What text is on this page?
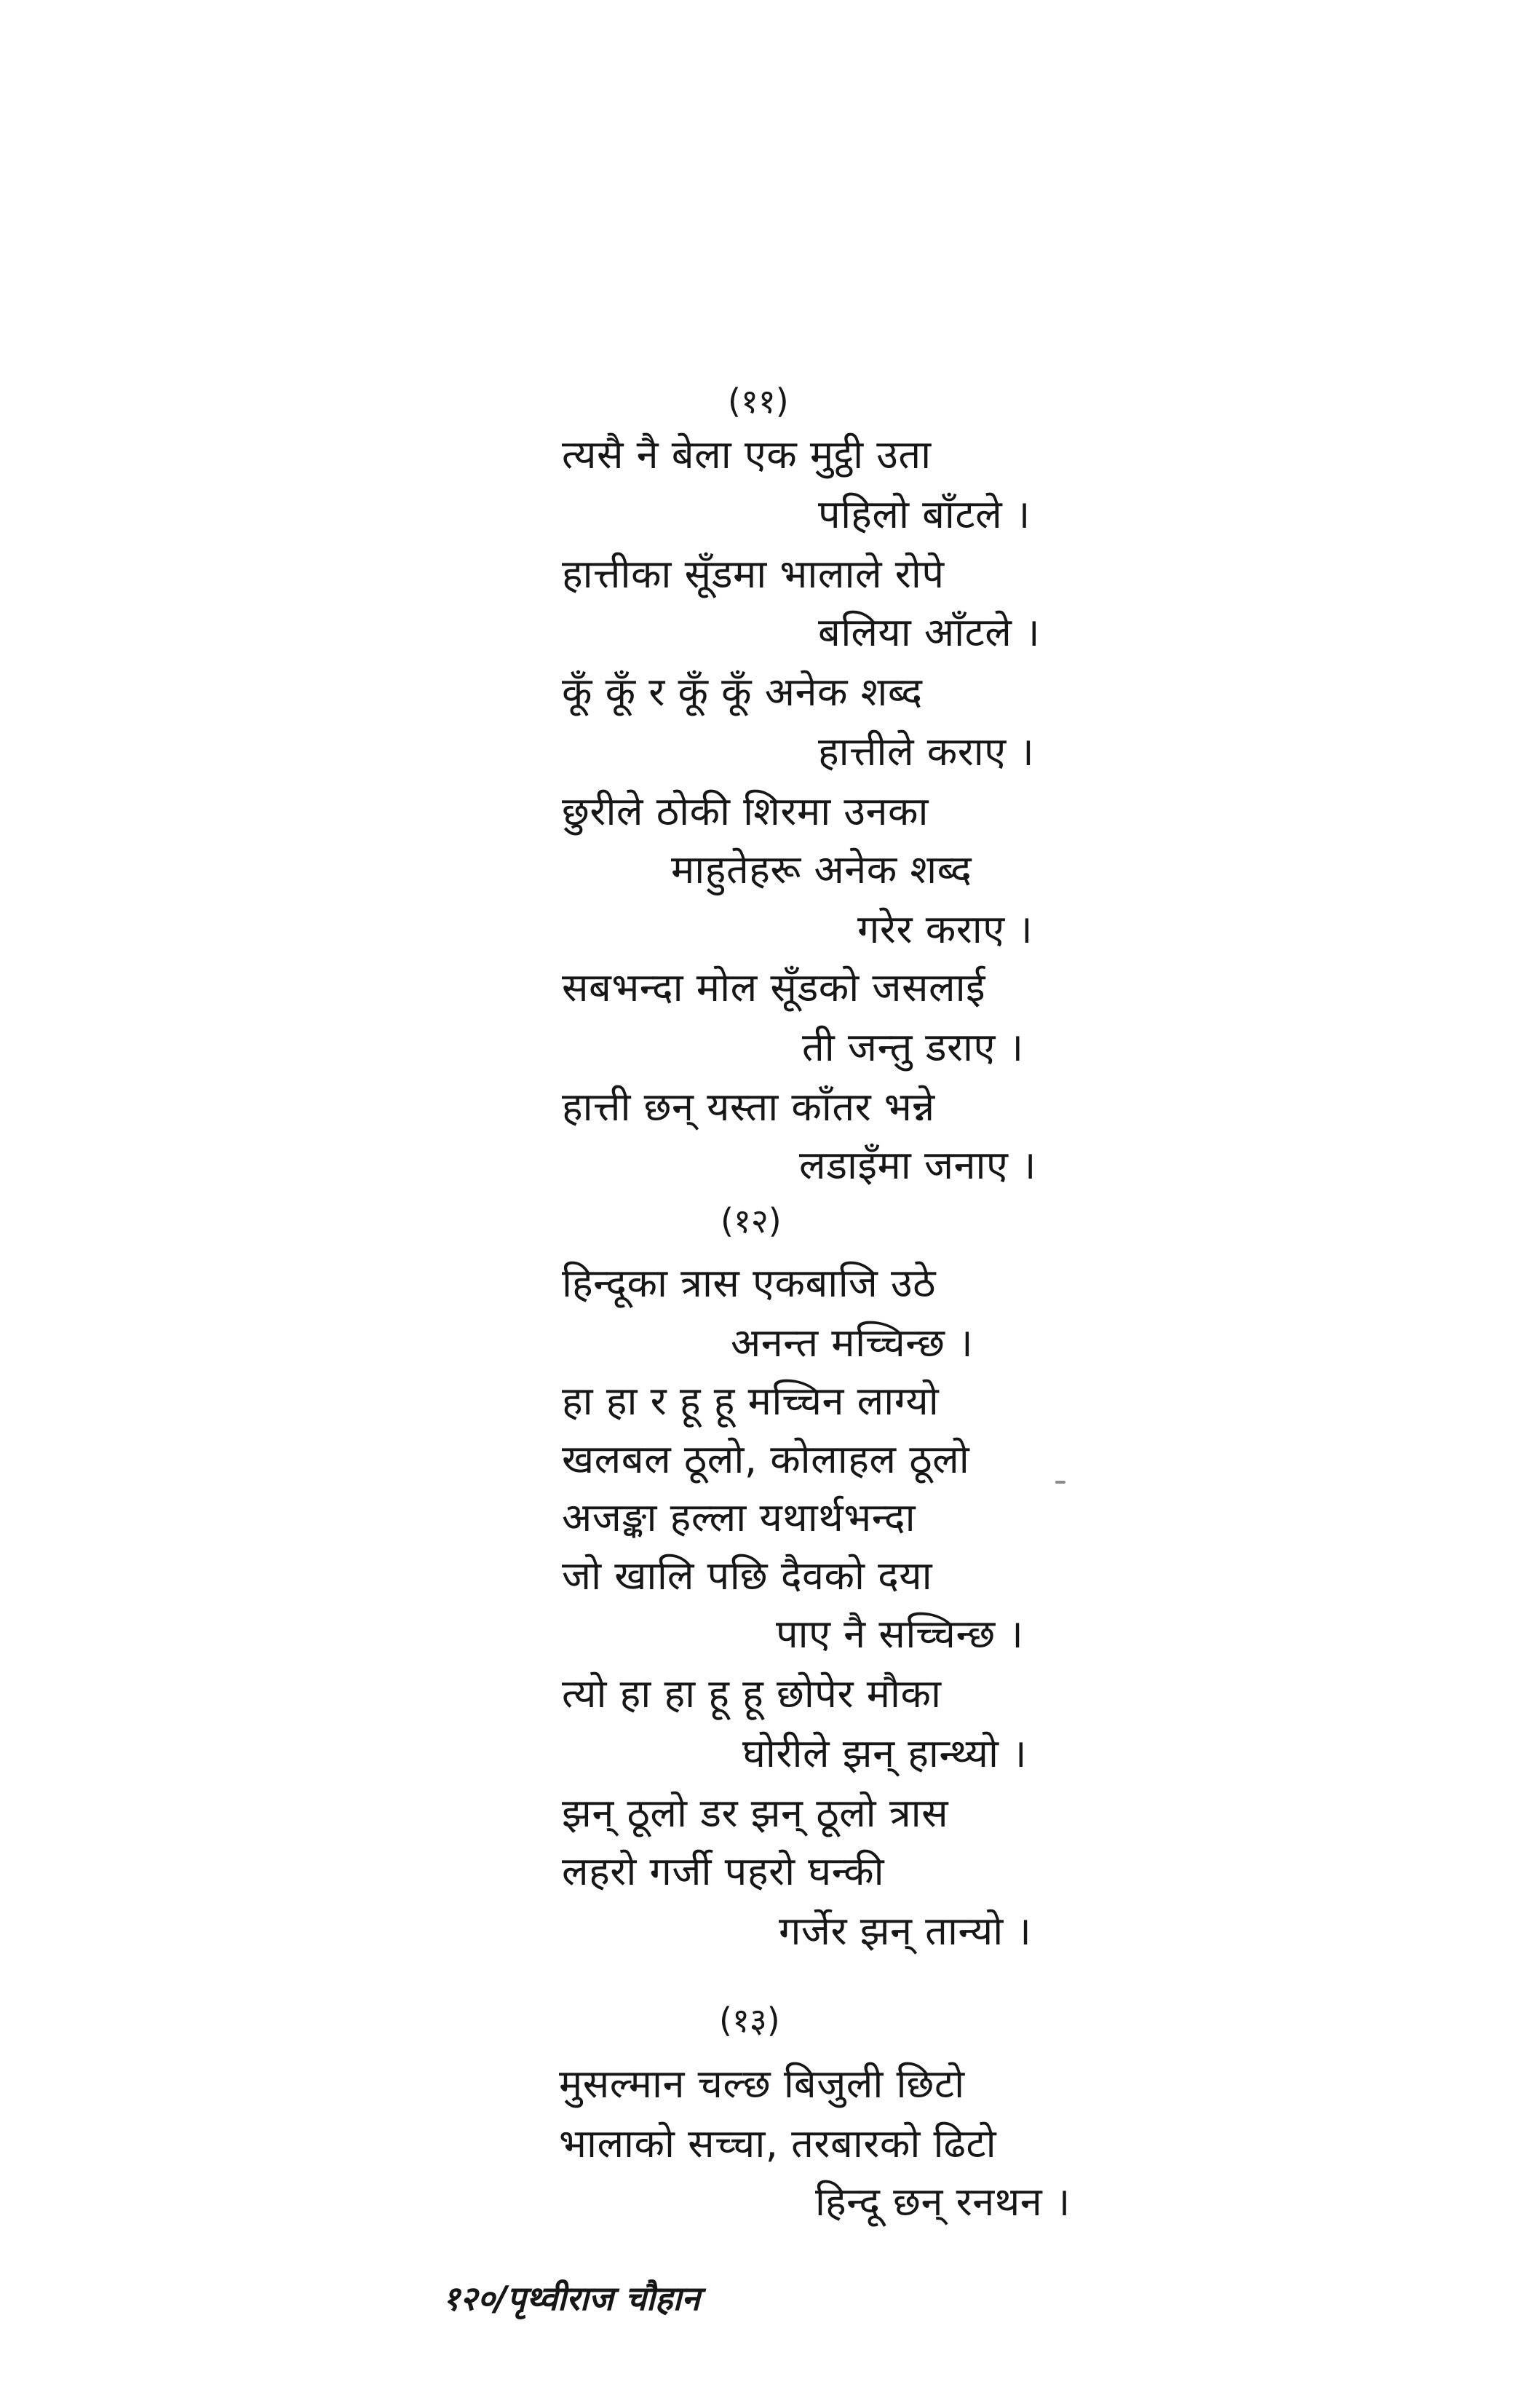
(११)
त्यसै नै बेला एक मुट्ठी उता
पहिलो बाँटले ।
हात्तीका सूँडमा भालाले रोपे
बलिया आँटले ।
कूँ कूँ र कूँ कूँ अनेक शब्द
हात्तीले कराए ।
छुरीले ठोकी शिरमा उनका
माहुतेहरू अनेक शब्द
गरेर कराए ।
सबभन्दा मोल सूँडको जसलाई
ती जन्तु डराए ।
हात्ती छन् यस्ता काँतर भन्ने
लडाइँमा जनाए ।
(१२)
हिन्दूका त्रास एकबाजि उठे
अनन्त मच्चिन्छ ।
हा हा र हू हू मच्चिन लाग्यो
खलबल ठूलो, कोलाहल ठूलो
अजङ्का हल्ला यथार्थभन्दा
जो खालि पछि दैवको दया
पाए नै सच्चिन्छ ।
त्यो हा हा हू हू छोपेर मौका
घोरीले झन् हान्थ्यो ।
झन् ठूलो डर झन् ठूलो त्रास
लहरो गर्जी पहरो घन्की
गर्जेर झन् तान्यो ।
(१३)
मुसल्मान चल्छ बिजुली छिटो
भालाको सच्चा, तरबारको ढिटो
हिन्दू छन् रनथन ।
१२०/पृथ्वीराज चौहान
